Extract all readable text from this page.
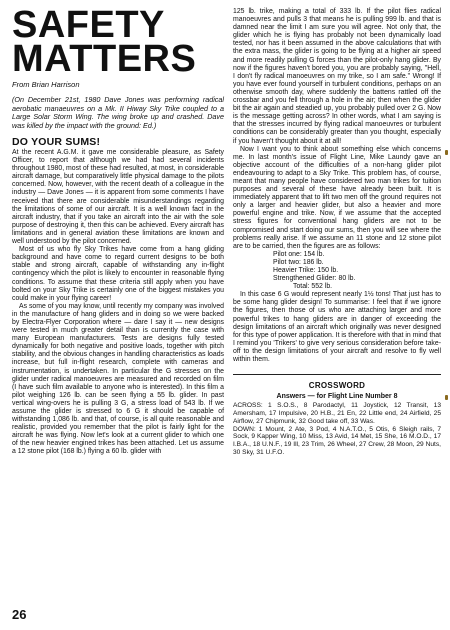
SAFETY
MATTERS
From Brian Harrison

(On December 21st, 1980 Dave Jones was performing radical aerobatic manaeuvres on a Mk. II Hiway Sky Trike coupled to a Large Solar Storm Wing. The wing broke up and crashed. Dave was killed by the impact with the ground: Ed.)

DO YOUR SUMS!

At the recent A.G.M. it gave me considerable pleasure, as Safety Officer, to report that although we had had several incidents throughout 1980, most of these had resulted, at most, in considerable aircraft damage, but comparatively little physical damage to the pilots concerned. Now, however, with the recent death of a colleague in the industry — Dave Jones — it is apparent from some comments I have received that there are considerable misunderstandings regarding the limitations of some of our aircraft. It is a well known fact in the aircraft industry, that if you take an aircraft into the air with the sole purpose of destroying it, then this can be achieved. Every aircraft has limitations and in general aviation these limitations are known and well understood by the pilot concerned.

Most of us who fly Sky Trikes have come from a hang gliding background and have come to regard current designs to be both stable and strong aircraft, capable of withstanding any in-flight contingency which the pilot is likely to encounter in reasonable flying conditions. To assume that these criteria still apply when you have bolted on your Sky Trike is certainly one of the biggest mistakes you could make in your flying career!

As some of you may know, until recently my company was involved in the manufacture of hang gliders and in doing so we were backed by Electra-Flyer Corporation where — dare I say it — new designs were tested in much greater detail than is currently the case with many European manufacturers. Tests are designs fully tested dynamically for both negative and positive loads, together with pitch stability, and the obvious changes in handling characteristics as loads increase, but full in-flight research, complete with cameras and instrumentation, is undertaken. In particular the G stresses on the glider under radical manoeuvres are measured and recorded on film (I have such film available to anyone who is interested). In this film a pilot weighing 126 lb. can be seen flying a 55 lb. glider. In past vertical wing-overs he is pulling 3 G, a stress load of 543 lb. If we assume the glider is stressed to 6 G it should be capable of withstanding 1,086 lb. and that, of course, is all quite reasonable and realistic, provided you remember that the pilot is fairly light for the aircraft he was flying. Now let's look at a current glider to which one of the new heavier engined trikes has been attached. Let us assume a 12 stone pilot (168 lb.) flying a 60 lb. glider with

125 lb. trike, making a total of 333 lb. If the pilot flies radical manoeuvres and pulls 3 that means he is pulling 999 lb. and that is damned near the limit I am sure you will agree. Not only that, the glider which he is flying has probably not been dynamically load tested, nor has it been assumed in the above calculations that with the extra mass, the glider is going to be flying at a higher air speed and more readily pulling G forces than the pilot-only hang glider. By now if the figures haven't bored you, you are probably saying, "Hell, I don't fly radical manoeuvres on my trike, so I am safe." Wrong! If you have ever found yourself in turbulent conditions, perhaps on an otherwise smooth day, where suddenly the battens rattled off the crossbar and you fell through a hole in the air; then when the glider bit the air again and steadied up, you probably pulled over 2 G. Now is the message getting across? In other words, what I am saying is that the stresses incurred by flying radical manoeuvres or turbulent conditions can be considerably greater than you thought, especially if you haven't thought about it at all!

Now I want you to think about something else which concerns me. In last month's issue of Flight Line, Mike Laundy gave an objective account of the difficulties of a non-hang glider pilot endeavouring to adapt to a Sky Trike. This problem has, of course, meant that many people have considered two man trikes for tuition purposes and several of these have already been built. It is immediately apparent that to lift two men off the ground requires not only a larger and heavier glider, but also a heavier and more powerful engine and trike. Now, if we assume that the accepted stress figures for conventional hang gliders are not to be compromised and start doing our sums, then you will see where the problems really arise. If we assume an 11 stone and 12 stone pilot are to be carried, then the figures are as follows:

Pilot one: 154 lb.
Pilot two: 186 lb.
Heavier Trike: 150 lb.
Strengthened Glider: 80 lb.
Total: 552 lb.

In this case 6 G would represent nearly 1½ tons! That just has to be some hang glider design! To summarise: I feel that if we ignore the figures, then those of us who are attaching larger and more powerful trikes to hang gliders are in danger of exceeding the design limitations of an aircraft which originally was never designed for this type of power application. It is therefore with that in mind that I remind you 'Trikers' to give very serious consideration before take-off to the design limitations of your aircraft and resolve to fly well within them.

CROSSWORD
Answers — for Flight Line Number 8

ACROSS: 1 S.O.S., 8 Parodactyl, 11 Joystick, 12 Transit, 13 Amersham, 17 Impulsive, 20 H.B., 21 En, 22 Little end, 24 Airfield, 25 Airflow, 27 Chipmunk, 32 Good take off, 33 Was.

DOWN: 1 Mount, 2 Ate, 3 Pod, 4 N.A.T.O., 5 Otis, 6 Sleigh rails, 7 Sock, 9 Kapper Wing, 10 Miss, 13 Avid, 14 Met, 15 She, 16 M.O.D., 17 I.B.A., 18 U.N.F., 19 Ill, 23 Trim, 26 Wheel, 27 Crew, 28 Moon, 29 Nuts, 30 Sky, 31 U.F.O.

26
